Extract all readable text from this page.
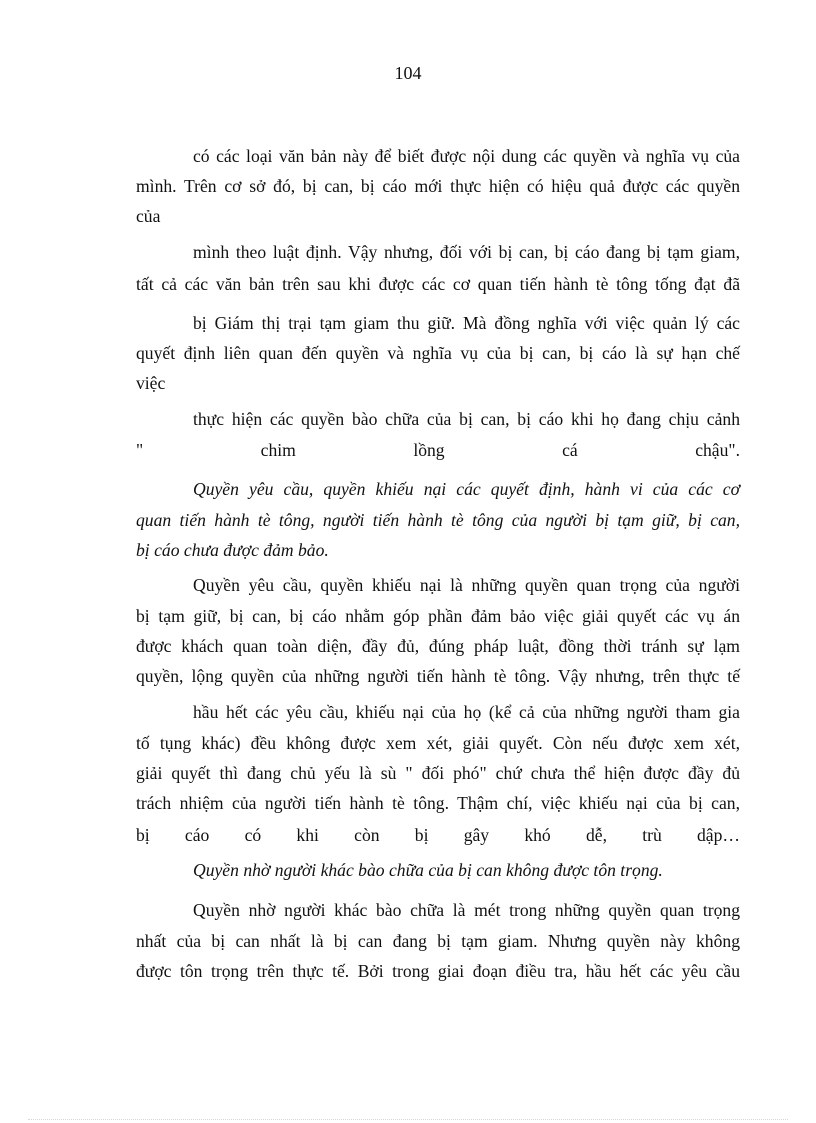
104
có các loại văn bản này để biết được nội dung các quyền và nghĩa vụ của
mình. Trên cơ sở đó, bị can, bị cáo mới thực hiện có hiệu quả được các quyền
của
mình theo luật định. Vậy nhưng, đối với bị can, bị cáo đang bị tạm giam,
tất cả các văn bản trên sau khi được các cơ quan tiến hành tè tông tống đạt đã
bị Giám thị trại tạm giam thu giữ. Mà đồng nghĩa với việc quản lý các
quyết định liên quan đến quyền và nghĩa vụ của bị can, bị cáo là sự hạn chế
việc
thực hiện các quyền bào chữa của bị can, bị cáo khi họ đang chịu cảnh
" chim lồng cá chậu".
Quyền yêu cầu, quyền khiếu nại các quyết định, hành vi của các cơ
quan tiến hành tè tông, người tiến hành tè tông của người bị tạm giữ, bị can,
bị cáo chưa được đảm bảo.
Quyền yêu cầu, quyền khiếu nại là những quyền quan trọng của người
bị tạm giữ, bị can, bị cáo nhằm góp phần đảm bảo việc giải quyết các vụ án
được khách quan toàn diện, đầy đủ, đúng pháp luật, đồng thời tránh sự lạm
quyền, lộng quyền của những người tiến hành tè tông. Vậy nhưng, trên thực tế
hầu hết các yêu cầu, khiếu nại của họ (kể cả của những người tham gia
tố tụng khác) đều không được xem xét, giải quyết. Còn nếu được xem xét,
giải quyết thì đang chủ yếu là sù " đối phó" chứ chưa thể hiện được đầy đủ
trách nhiệm của người tiến hành tè tông. Thậm chí, việc khiếu nại của bị can,
bị cáo có khi còn bị gây khó dễ, trù dập…
Quyền nhờ người khác bào chữa của bị can không được tôn trọng.
Quyền nhờ người khác bào chữa là mét trong những quyền quan trọng
nhất của bị can nhất là bị can đang bị tạm giam. Nhưng quyền này không
được tôn trọng trên thực tế. Bởi trong giai đoạn điều tra, hầu hết các yêu cầu
